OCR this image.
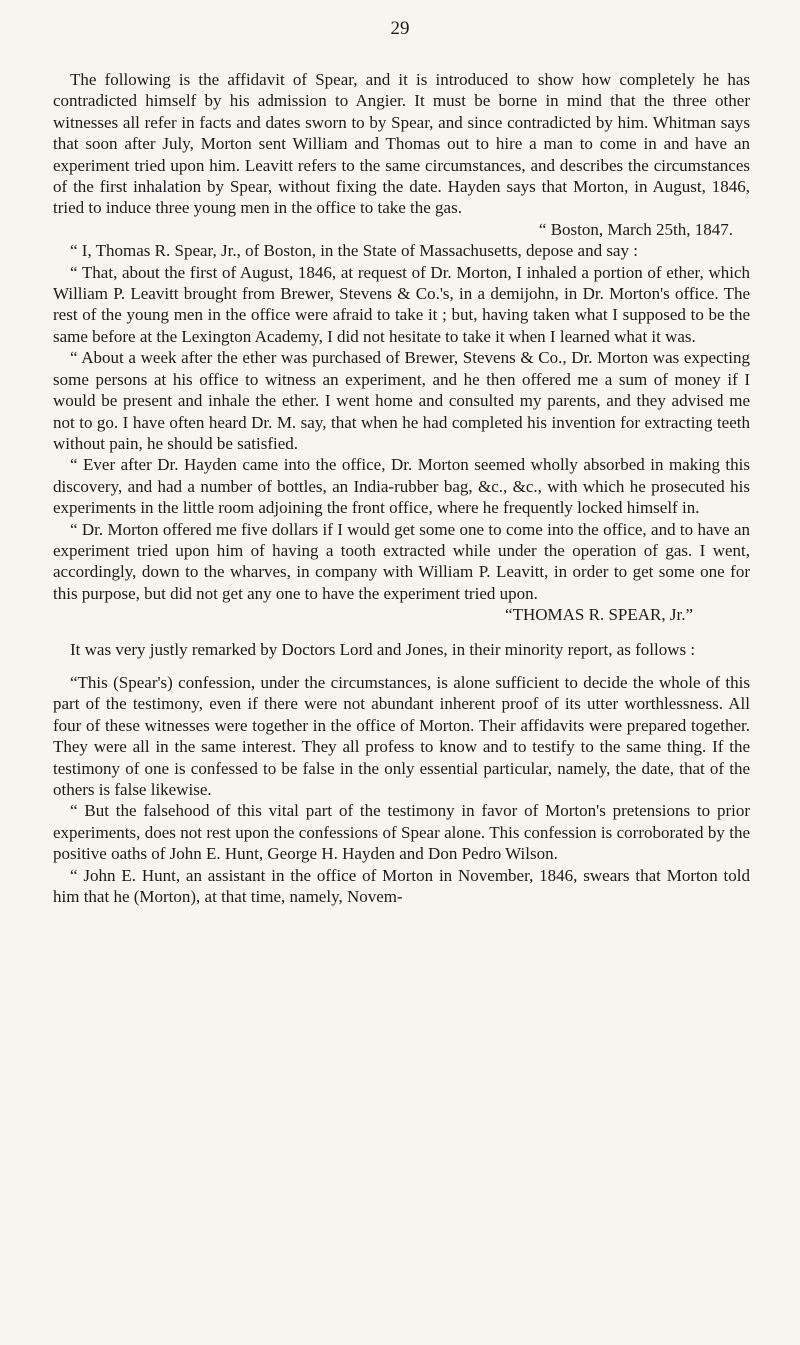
29

The following is the affidavit of Spear, and it is introduced to show how completely he has contradicted himself by his admission to Angier. It must be borne in mind that the three other witnesses all refer in facts and dates sworn to by Spear, and since contradicted by him. Whitman says that soon after July, Morton sent William and Thomas out to hire a man to come in and have an experiment tried upon him. Leavitt refers to the same circumstances, and describes the circumstances of the first inhalation by Spear, without fixing the date. Hayden says that Morton, in August, 1846, tried to induce three young men in the office to take the gas.

“ Boston, March 25th, 1847.

“ I, Thomas R. Spear, Jr., of Boston, in the State of Massachusetts, depose and say :

“ That, about the first of August, 1846, at request of Dr. Morton, I inhaled a portion of ether, which William P. Leavitt brought from Brewer, Stevens & Co.'s, in a demijohn, in Dr. Morton's office. The rest of the young men in the office were afraid to take it ; but, having taken what I supposed to be the same before at the Lexington Academy, I did not hesitate to take it when I learned what it was.

“ About a week after the ether was purchased of Brewer, Stevens & Co., Dr. Morton was expecting some persons at his office to witness an experiment, and he then offered me a sum of money if I would be present and inhale the ether. I went home and consulted my parents, and they advised me not to go. I have often heard Dr. M. say, that when he had completed his invention for extracting teeth without pain, he should be satisfied.

“ Ever after Dr. Hayden came into the office, Dr. Morton seemed wholly absorbed in making this discovery, and had a number of bottles, an India-rubber bag, &c., &c., with which he prosecuted his experiments in the little room adjoining the front office, where he frequently locked himself in.

“ Dr. Morton offered me five dollars if I would get some one to come into the office, and to have an experiment tried upon him of having a tooth extracted while under the operation of gas. I went, accordingly, down to the wharves, in company with William P. Leavitt, in order to get some one for this purpose, but did not get any one to have the experiment tried upon.

“THOMAS R. SPEAR, Jr.”

It was very justly remarked by Doctors Lord and Jones, in their minority report, as follows :

“This (Spear's) confession, under the circumstances, is alone sufficient to decide the whole of this part of the testimony, even if there were not abundant inherent proof of its utter worthlessness. All four of these witnesses were together in the office of Morton. Their affidavits were prepared together. They were all in the same interest. They all profess to know and to testify to the same thing. If the testimony of one is confessed to be false in the only essential particular, namely, the date, that of the others is false likewise.

“ But the falsehood of this vital part of the testimony in favor of Morton's pretensions to prior experiments, does not rest upon the confessions of Spear alone. This confession is corroborated by the positive oaths of John E. Hunt, George H. Hayden and Don Pedro Wilson.

“ John E. Hunt, an assistant in the office of Morton in November, 1846, swears that Morton told him that he (Morton), at that time, namely, Novem-
